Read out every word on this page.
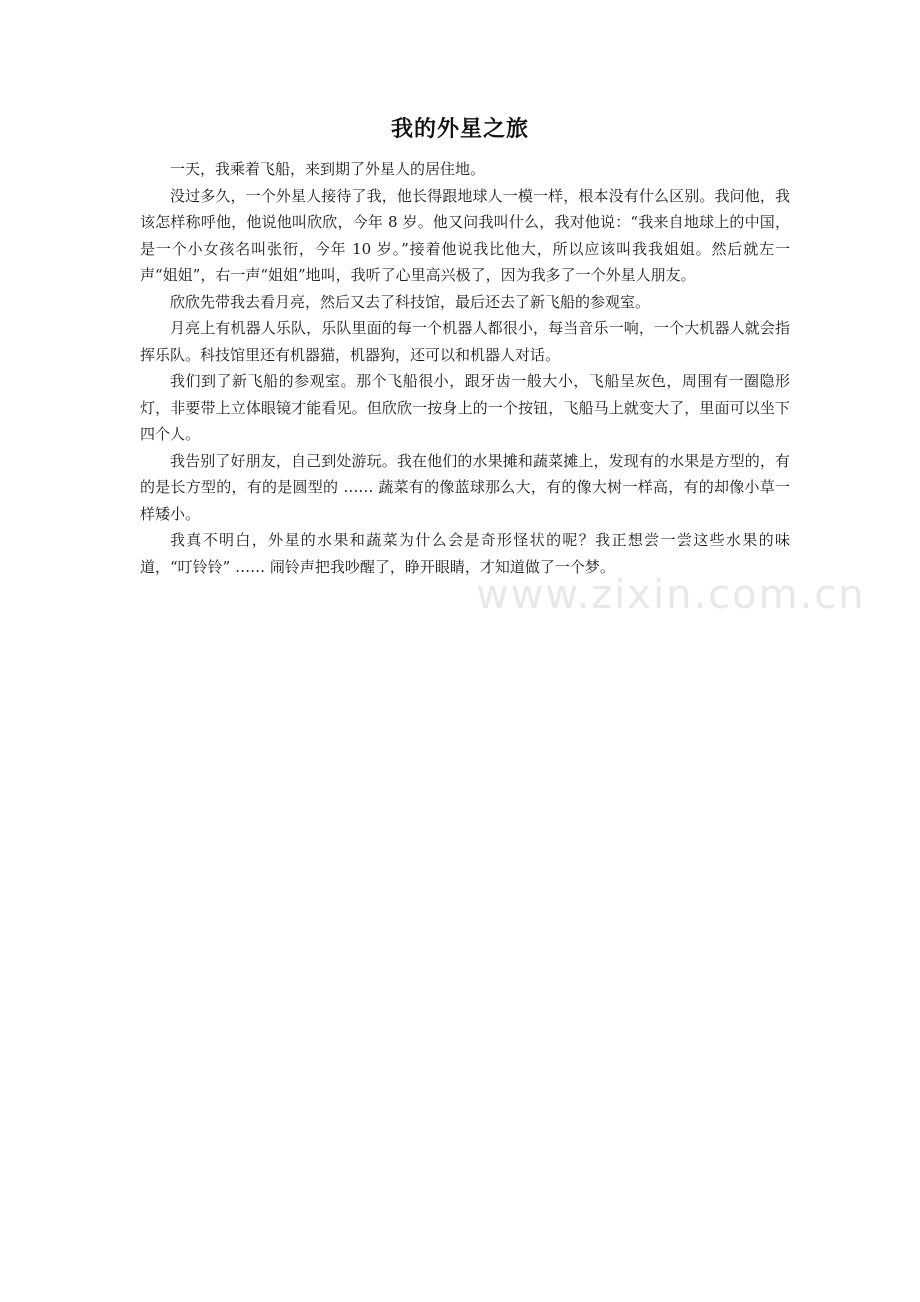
我的外星之旅

一天，我乘着飞船，来到期了外星人的居住地。

没过多久，一个外星人接待了我，他长得跟地球人一模一样，根本没有什么区别。我问他，我该怎样称呼他，他说他叫欣欣，今年 8 岁。他又问我叫什么，我对他说：“我来自地球上的中国，是一个小女孩名叫张衎，今年 10 岁。”接着他说我比他大，所以应该叫我我姐姐。然后就左一声“姐姐”，右一声“姐姐”地叫，我听了心里高兴极了，因为我多了一个外星人朋友。

欣欣先带我去看月亮，然后又去了科技馆，最后还去了新飞船的参观室。

月亮上有机器人乐队，乐队里面的每一个机器人都很小，每当音乐一响，一个大机器人就会指挥乐队。科技馆里还有机器猫，机器狗，还可以和机器人对话。

我们到了新飞船的参观室。那个飞船很小，跟牙齿一般大小，飞船呈灰色，周围有一圈隐形灯，非要带上立体眼镜才能看见。但欣欣一按身上的一个按钮，飞船马上就变大了，里面可以坐下四个人。

我告别了好朋友，自己到处游玩。我在他们的水果摊和蔬菜摊上，发现有的水果是方型的，有的是长方型的，有的是圆型的 …… 蔬菜有的像蓝球那么大，有的像大树一样高，有的却像小草一样矮小。

我真不明白，外星的水果和蔬菜为什么会是奇形怪状的呢？我正想尝一尝这些水果的味道，“叮铃铃” …… 闹铃声把我吵醒了，睁开眼睛，才知道做了一个梦。

www.zixin.com.cn
